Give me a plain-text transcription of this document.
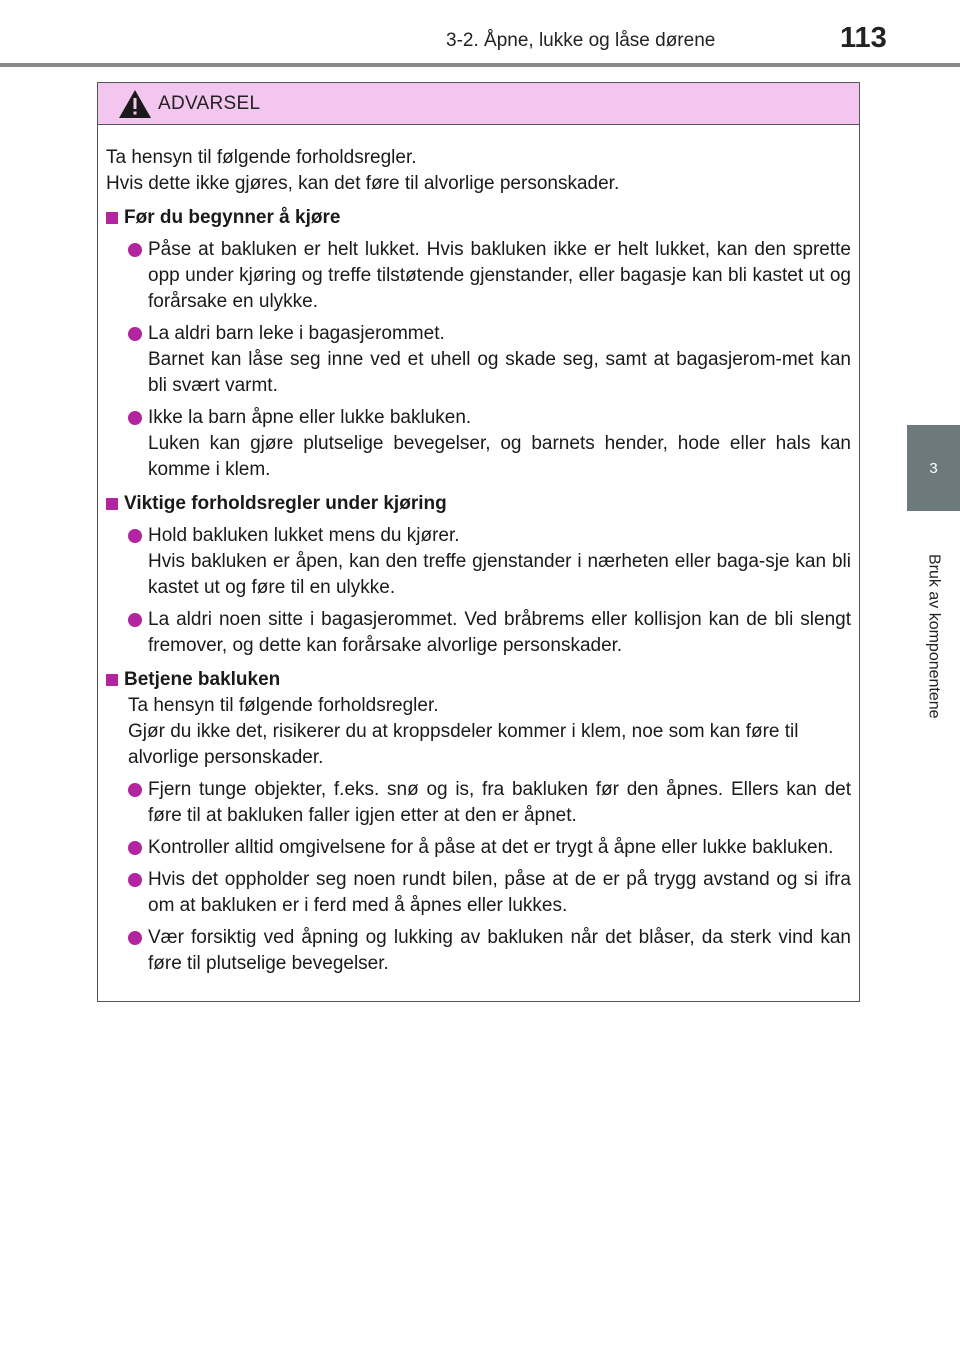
3-2. Åpne, lukke og låse dørene	113
3
Bruk av komponentene
ADVARSEL

Ta hensyn til følgende forholdsregler.

Hvis dette ikke gjøres, kan det føre til alvorlige personskader.

Før du begynner å kjøre

Påse at bakluken er helt lukket. Hvis bakluken ikke er helt lukket, kan den sprette opp under kjøring og treffe tilstøtende gjenstander, eller bagasje kan bli kastet ut og forårsake en ulykke.

La aldri barn leke i bagasjerommet.

Barnet kan låse seg inne ved et uhell og skade seg, samt at bagasjerom-met kan bli svært varmt.

Ikke la barn åpne eller lukke bakluken.

Luken kan gjøre plutselige bevegelser, og barnets hender, hode eller hals kan komme i klem.

Viktige forholdsregler under kjøring

Hold bakluken lukket mens du kjører.

Hvis bakluken er åpen, kan den treffe gjenstander i nærheten eller baga-sje kan bli kastet ut og føre til en ulykke.

La aldri noen sitte i bagasjerommet. Ved bråbrems eller kollisjon kan de bli slengt fremover, og dette kan forårsake alvorlige personskader.

Betjene bakluken

Ta hensyn til følgende forholdsregler.

Gjør du ikke det, risikerer du at kroppsdeler kommer i klem, noe som kan føre til alvorlige personskader.

Fjern tunge objekter, f.eks. snø og is, fra bakluken før den åpnes. Ellers kan det føre til at bakluken faller igjen etter at den er åpnet.

Kontroller alltid omgivelsene for å påse at det er trygt å åpne eller lukke bakluken.

Hvis det oppholder seg noen rundt bilen, påse at de er på trygg avstand og si ifra om at bakluken er i ferd med å åpnes eller lukkes.

Vær forsiktig ved åpning og lukking av bakluken når det blåser, da sterk vind kan føre til plutselige bevegelser.
